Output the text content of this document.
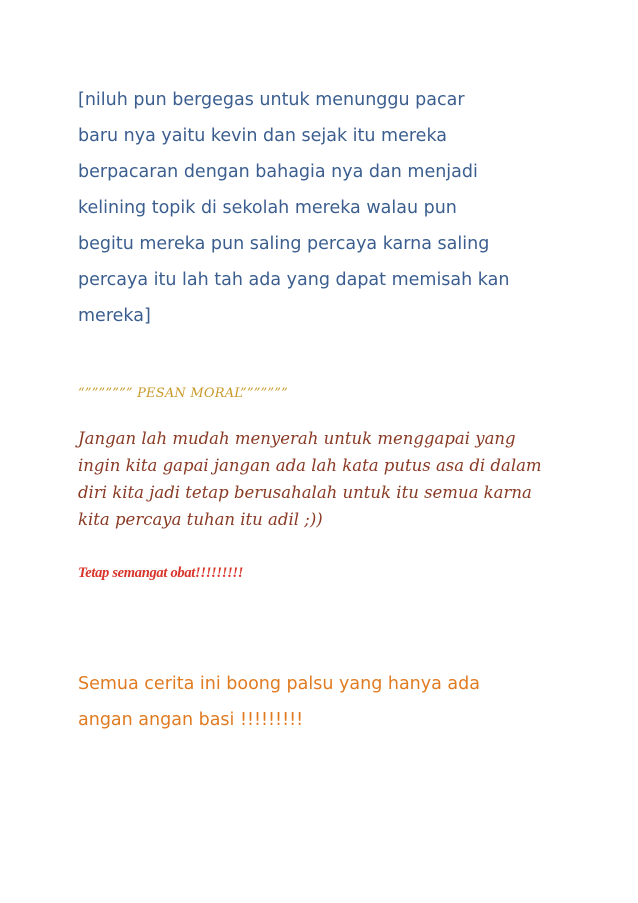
[niluh pun bergegas untuk menunggu pacar
baru nya yaitu kevin dan sejak itu mereka
berpacaran dengan bahagia nya dan menjadi
kelining topik di sekolah mereka walau pun
begitu mereka pun saling percaya karna saling
percaya itu lah tah ada yang dapat memisah kan
mereka]
“””””””” PESAN MORAL”””””””
Jangan lah mudah menyerah untuk menggapai yang
ingin kita gapai jangan ada lah kata putus asa di dalam
diri kita jadi tetap berusahalah untuk itu semua karna
kita percaya tuhan itu adil ;))
Tetap semangat obat!!!!!!!!!
Semua cerita ini boong palsu yang hanya ada
angan angan basi !!!!!!!!!
